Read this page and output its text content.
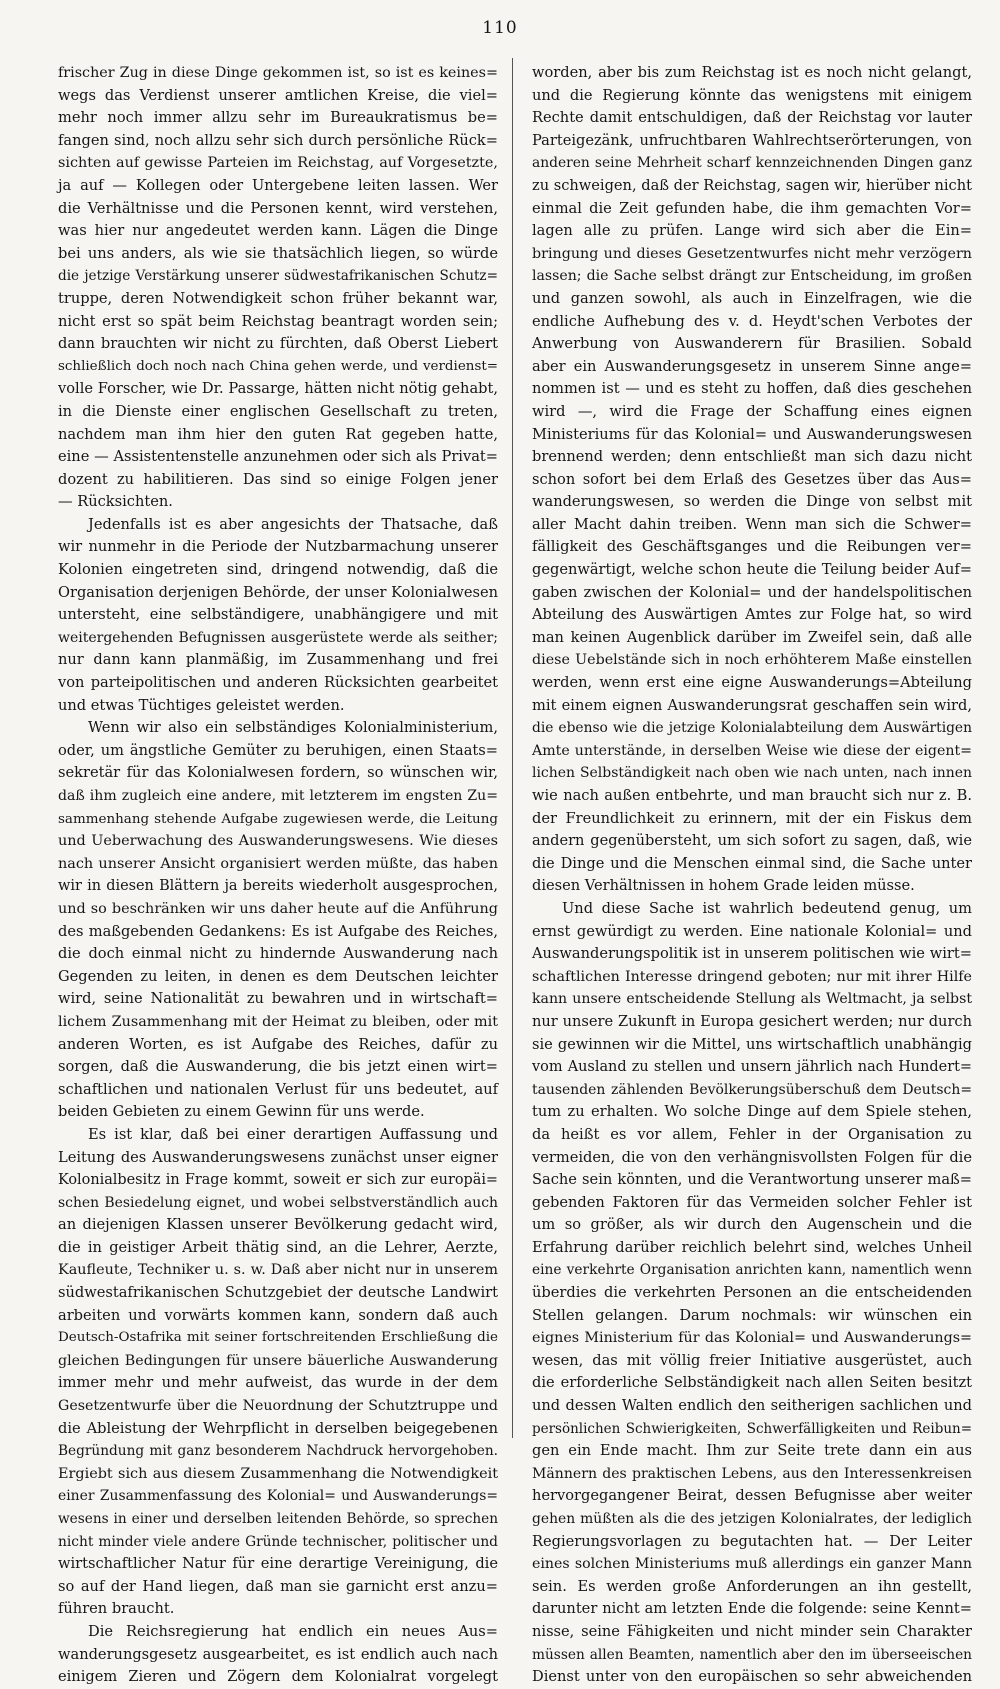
110
frischer Zug in diese Dinge gekommen ist, so ist es keines=
wegs das Verdienst unserer amtlichen Kreise, die viel=
mehr noch immer allzu sehr im Bureaukratismus be=
fangen sind, noch allzu sehr sich durch persönliche Rück=
sichten auf gewisse Parteien im Reichstag, auf Vorgesetzte,
ja auf — Kollegen oder Untergebene leiten lassen. Wer
die Verhältnisse und die Personen kennt, wird verstehen,
was hier nur angedeutet werden kann. Lägen die Dinge
bei uns anders, als wie sie thatsächlich liegen, so würde
die jetzige Verstärkung unserer südwestafrikanischen Schutz=
truppe, deren Notwendigkeit schon früher bekannt war,
nicht erst so spät beim Reichstag beantragt worden sein;
dann brauchten wir nicht zu fürchten, daß Oberst Liebert
schließlich doch noch nach China gehen werde, und verdienst=
volle Forscher, wie Dr. Passarge, hätten nicht nötig gehabt,
in die Dienste einer englischen Gesellschaft zu treten,
nachdem man ihm hier den guten Rat gegeben hatte,
eine — Assistentenstelle anzunehmen oder sich als Privat=
dozent zu habilitieren. Das sind so einige Folgen jener
— Rücksichten.
Jedenfalls ist es aber angesichts der Thatsache, daß
wir nunmehr in die Periode der Nutzbarmachung unserer
Kolonien eingetreten sind, dringend notwendig, daß die
Organisation derjenigen Behörde, der unser Kolonialwesen
untersteht, eine selbständigere, unabhängigere und mit
weitergehenden Befugnissen ausgerüstete werde als seither;
nur dann kann planmäßig, im Zusammenhang und frei
von parteipolitischen und anderen Rücksichten gearbeitet
und etwas Tüchtiges geleistet werden.
Wenn wir also ein selbständiges Kolonialministerium,
oder, um ängstliche Gemüter zu beruhigen, einen Staats=
sekretär für das Kolonialwesen fordern, so wünschen wir,
daß ihm zugleich eine andere, mit letzterem im engsten Zu=
sammenhang stehende Aufgabe zugewiesen werde, die Leitung
und Ueberwachung des Auswanderungswesens. Wie dieses
nach unserer Ansicht organisiert werden müßte, das haben
wir in diesen Blättern ja bereits wiederholt ausgesprochen,
und so beschränken wir uns daher heute auf die Anführung
des maßgebenden Gedankens: Es ist Aufgabe des Reiches,
die doch einmal nicht zu hindernde Auswanderung nach
Gegenden zu leiten, in denen es dem Deutschen leichter
wird, seine Nationalität zu bewahren und in wirtschaft=
lichem Zusammenhang mit der Heimat zu bleiben, oder mit
anderen Worten, es ist Aufgabe des Reiches, dafür zu
sorgen, daß die Auswanderung, die bis jetzt einen wirt=
schaftlichen und nationalen Verlust für uns bedeutet, auf
beiden Gebieten zu einem Gewinn für uns werde.
Es ist klar, daß bei einer derartigen Auffassung und
Leitung des Auswanderungswesens zunächst unser eigner
Kolonialbesitz in Frage kommt, soweit er sich zur europäi=
schen Besiedelung eignet, und wobei selbstverständlich auch
an diejenigen Klassen unserer Bevölkerung gedacht wird,
die in geistiger Arbeit thätig sind, an die Lehrer, Aerzte,
Kaufleute, Techniker u. s. w. Daß aber nicht nur in unserem
südwestafrikanischen Schutzgebiet der deutsche Landwirt
arbeiten und vorwärts kommen kann, sondern daß auch
Deutsch-Ostafrika mit seiner fortschreitenden Erschließung die
gleichen Bedingungen für unsere bäuerliche Auswanderung
immer mehr und mehr aufweist, das wurde in der dem
Gesetzentwurfe über die Neuordnung der Schutztruppe und
die Ableistung der Wehrpflicht in derselben beigegebenen
Begründung mit ganz besonderem Nachdruck hervorgehoben.
Ergiebt sich aus diesem Zusammenhang die Notwendigkeit
einer Zusammenfassung des Kolonial= und Auswanderungs=
wesens in einer und derselben leitenden Behörde, so sprechen
nicht minder viele andere Gründe technischer, politischer und
wirtschaftlicher Natur für eine derartige Vereinigung, die
so auf der Hand liegen, daß man sie garnicht erst anzu=
führen braucht.
Die Reichsregierung hat endlich ein neues Aus=
wanderungsgesetz ausgearbeitet, es ist endlich auch nach
einigem Zieren und Zögern dem Kolonialrat vorgelegt
worden, aber bis zum Reichstag ist es noch nicht gelangt,
und die Regierung könnte das wenigstens mit einigem
Rechte damit entschuldigen, daß der Reichstag vor lauter
Parteigezänk, unfruchtbaren Wahlrechtserörterungen, von
anderen seine Mehrheit scharf kennzeichnenden Dingen ganz
zu schweigen, daß der Reichstag, sagen wir, hierüber nicht
einmal die Zeit gefunden habe, die ihm gemachten Vor=
lagen alle zu prüfen. Lange wird sich aber die Ein=
bringung und dieses Gesetzentwurfes nicht mehr verzögern
lassen; die Sache selbst drängt zur Entscheidung, im großen
und ganzen sowohl, als auch in Einzelfragen, wie die
endliche Aufhebung des v. d. Heydt'schen Verbotes der
Anwerbung von Auswanderern für Brasilien. Sobald
aber ein Auswanderungsgesetz in unserem Sinne ange=
nommen ist — und es steht zu hoffen, daß dies geschehen
wird —, wird die Frage der Schaffung eines eignen
Ministeriums für das Kolonial= und Auswanderungswesen
brennend werden; denn entschließt man sich dazu nicht
schon sofort bei dem Erlaß des Gesetzes über das Aus=
wanderungswesen, so werden die Dinge von selbst mit
aller Macht dahin treiben. Wenn man sich die Schwer=
fälligkeit des Geschäftsganges und die Reibungen ver=
gegenwärtigt, welche schon heute die Teilung beider Auf=
gaben zwischen der Kolonial= und der handelspolitischen
Abteilung des Auswärtigen Amtes zur Folge hat, so wird
man keinen Augenblick darüber im Zweifel sein, daß alle
diese Uebelstände sich in noch erhöhterem Maße einstellen
werden, wenn erst eine eigne Auswanderungs=Abteilung
mit einem eignen Auswanderungsrat geschaffen sein wird,
die ebenso wie die jetzige Kolonialabteilung dem Auswärtigen
Amte unterstände, in derselben Weise wie diese der eigent=
lichen Selbständigkeit nach oben wie nach unten, nach innen
wie nach außen entbehrte, und man braucht sich nur z. B.
der Freundlichkeit zu erinnern, mit der ein Fiskus dem
andern gegenübersteht, um sich sofort zu sagen, daß, wie
die Dinge und die Menschen einmal sind, die Sache unter
diesen Verhältnissen in hohem Grade leiden müsse.
Und diese Sache ist wahrlich bedeutend genug, um
ernst gewürdigt zu werden. Eine nationale Kolonial= und
Auswanderungspolitik ist in unserem politischen wie wirt=
schaftlichen Interesse dringend geboten; nur mit ihrer Hilfe
kann unsere entscheidende Stellung als Weltmacht, ja selbst
nur unsere Zukunft in Europa gesichert werden; nur durch
sie gewinnen wir die Mittel, uns wirtschaftlich unabhängig
vom Ausland zu stellen und unsern jährlich nach Hundert=
tausenden zählenden Bevölkerungsüberschuß dem Deutsch=
tum zu erhalten. Wo solche Dinge auf dem Spiele stehen,
da heißt es vor allem, Fehler in der Organisation zu
vermeiden, die von den verhängnisvollsten Folgen für die
Sache sein könnten, und die Verantwortung unserer maß=
gebenden Faktoren für das Vermeiden solcher Fehler ist
um so größer, als wir durch den Augenschein und die
Erfahrung darüber reichlich belehrt sind, welches Unheil
eine verkehrte Organisation anrichten kann, namentlich wenn
überdies die verkehrten Personen an die entscheidenden
Stellen gelangen. Darum nochmals: wir wünschen ein
eignes Ministerium für das Kolonial= und Auswanderungs=
wesen, das mit völlig freier Initiative ausgerüstet, auch
die erforderliche Selbständigkeit nach allen Seiten besitzt
und dessen Walten endlich den seitherigen sachlichen und
persönlichen Schwierigkeiten, Schwerfälligkeiten und Reibun=
gen ein Ende macht. Ihm zur Seite trete dann ein aus
Männern des praktischen Lebens, aus den Interessenkreisen
hervorgegangener Beirat, dessen Befugnisse aber weiter
gehen müßten als die des jetzigen Kolonialrates, der lediglich
Regierungsvorlagen zu begutachten hat. — Der Leiter
eines solchen Ministeriums muß allerdings ein ganzer Mann
sein. Es werden große Anforderungen an ihn gestellt,
darunter nicht am letzten Ende die folgende: seine Kennt=
nisse, seine Fähigkeiten und nicht minder sein Charakter
müssen allen Beamten, namentlich aber den im überseeischen
Dienst unter von den europäischen so sehr abweichenden
